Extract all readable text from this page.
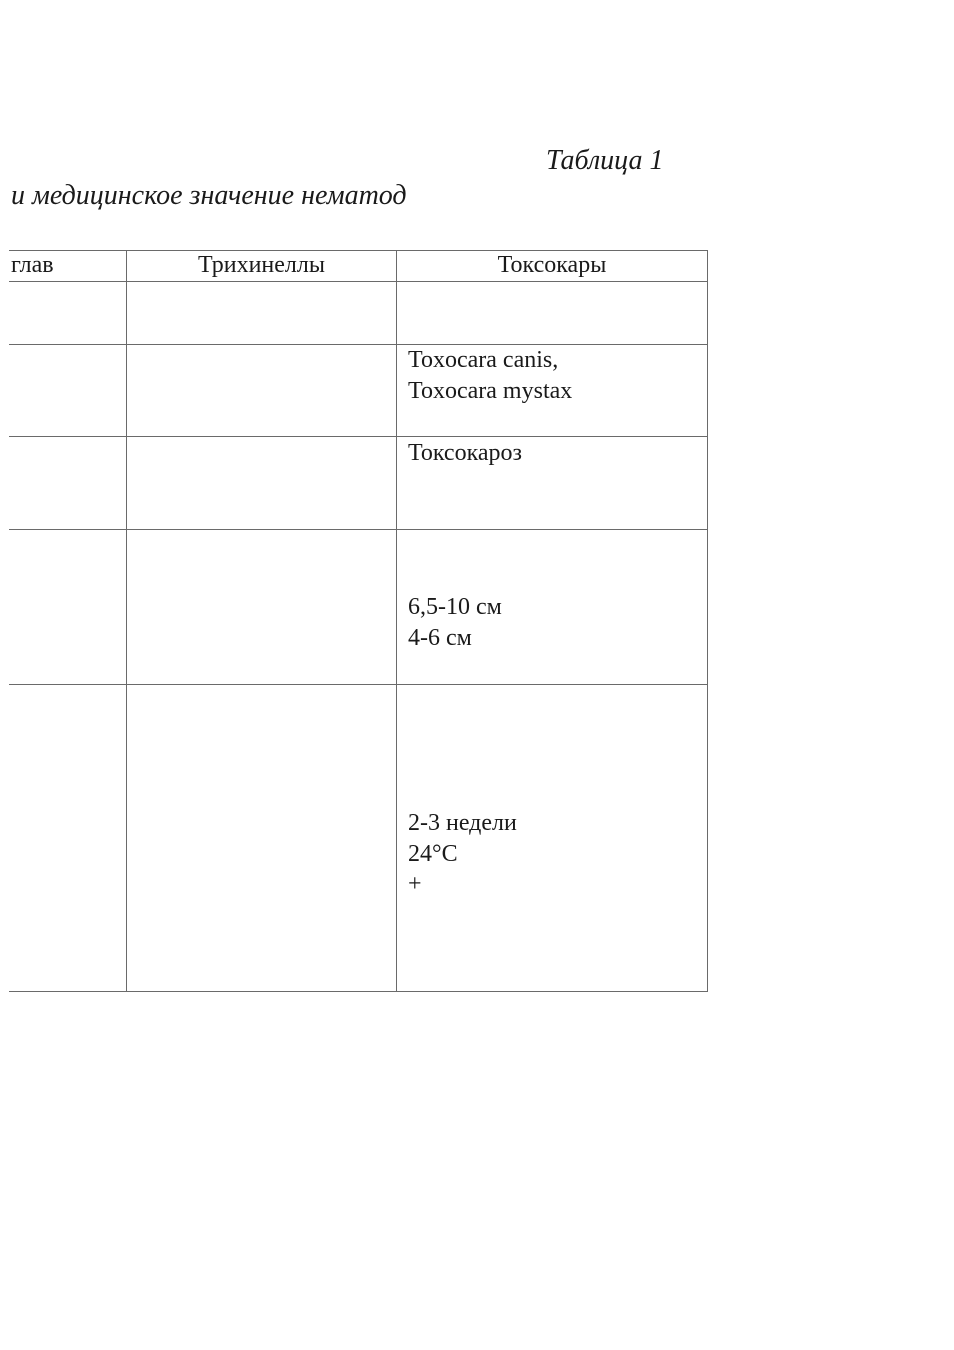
Таблица 1
и медицинское значение нематод
глав	Трихинеллы	Токсокары
Toxocara canis,
Toxocara mystax
Токсокароз
6,5-10 см
4-6 см
2-3 недели
24°C
+
